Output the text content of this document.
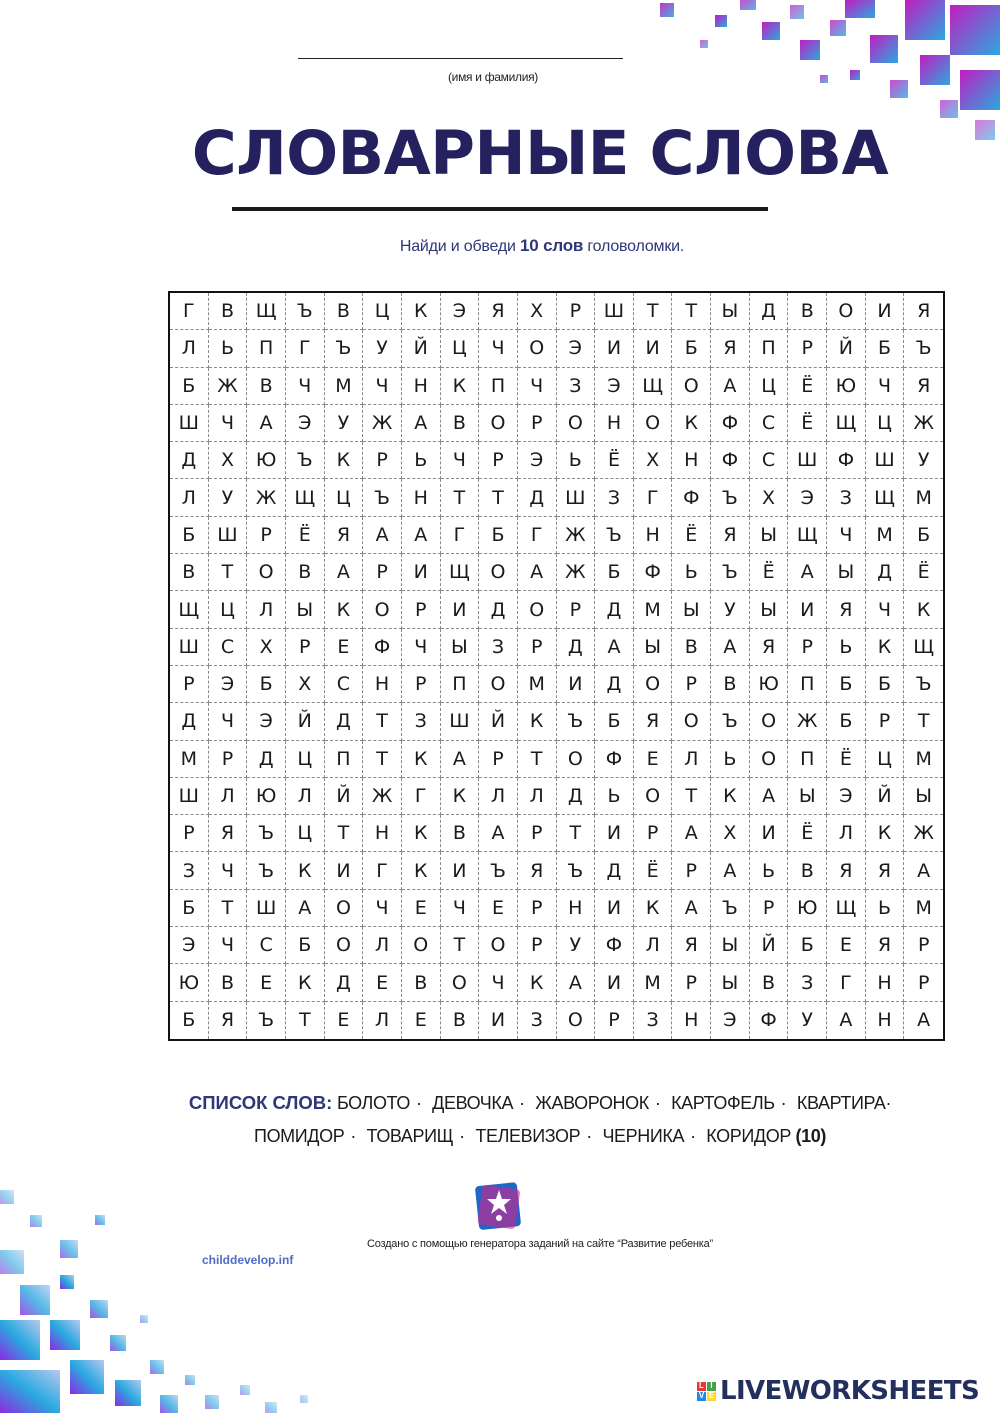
(имя и фамилия)
СЛОВАРНЫЕ СЛОВА
Найди и обведи 10 слов головоломки.
Г	В	Щ	Ъ	В	Ц	К	Э	Я	Х	Р	Ш	Т	Т	Ы	Д	В	О	И	Я
Л	Ь	П	Г	Ъ	У	Й	Ц	Ч	О	Э	И	И	Б	Я	П	Р	Й	Б	Ъ
Б	Ж	В	Ч	М	Ч	Н	К	П	Ч	З	Э	Щ	О	А	Ц	Ё	Ю	Ч	Я
Ш	Ч	А	Э	У	Ж	А	В	О	Р	О	Н	О	К	Ф	С	Ё	Щ	Ц	Ж
Д	Х	Ю	Ъ	К	Р	Ь	Ч	Р	Э	Ь	Ё	Х	Н	Ф	С	Ш	Ф	Ш	У
Л	У	Ж Щ	Ц	Ъ	Н	Т	Т	Д	Ш	З	Г	Ф	Ъ	Х	Э	З	Щ	М
Б	Ш	Р	Ё	Я	А	А	Г	Б	Г	Ж	Ъ	Н	Ё	Я	Ы	Щ	Ч	М	Б
В	Т	О	В	А	Р	И	Щ	О	А	Ж	Б	Ф	Ь	Ъ	Ё	А	Ы	Д	Ё
Щ	Ц	Л	Ы	К	О	Р	И	Д	О	Р	Д	М	Ы	У	Ы	И	Я	Ч	К
Ш	С	Х	Р	Е	Ф	Ч	Ы	З	Р	Д	А	Ы	В	А	Я	Р	Ь	К	Щ
Р	Э	Б	Х	С	Н	Р	П	О	М	И	Д	О	Р	В	Ю	П	Б	Б	Ъ
Д	Ч	Э	Й	Д	Т	З	Ш	Й	К	Ъ	Б	Я	О	Ъ	О	Ж	Б	Р	Т
М	Р	Д	Ц	П	Т	К	А	Р	Т	О	Ф	Е	Л	Ь	О	П	Ё	Ц	М
Ш	Л	Ю	Л	Й	Ж	Г	К	Л	Л	Д	Ь	О	Т	К	А	Ы	Э	Й	Ы
Р	Я	Ъ	Ц	Т	Н	К	В	А	Р	Т	И	Р	А	Х	И	Ё	Л	К	Ж
З	Ч	Ъ	К	И	Г	К	И	Ъ	Я	Ъ	Д	Ё	Р	А	Ь	В	Я	Я	А
Б	Т	Ш	А	О	Ч	Е	Ч	Е	Р	Н	И	К	А	Ъ	Р	Ю Щ	Ь	М
Э	Ч	С	Б	О	Л	О	Т	О	Р	У	Ф	Л	Я	Ы	Й	Б	Е	Я	Р
Ю	В	Е	К	Д	Е	В	О	Ч	К	А	И	М	Р	Ы	В	З	Г	Н	Р
Б	Я	Ъ	Т	Е	Л	Е	В	И	З	О	Р	З	Н	Э	Ф	У	А	Н	А
СПИСОК СЛОВ: БОЛОТО · ДЕВОЧКА · ЖАВОРОНОК · КАРТОФЕЛЬ · КВАРТИРА·
ПОМИДОР · ТОВАРИЩ · ТЕЛЕВИЗОР · ЧЕРНИКА · КОРИДОР (10)
Создано с помощью генератора заданий на сайте “Развитие ребенка”
childdevelop.inf
L I
V E LIVEWORKSHEETS
